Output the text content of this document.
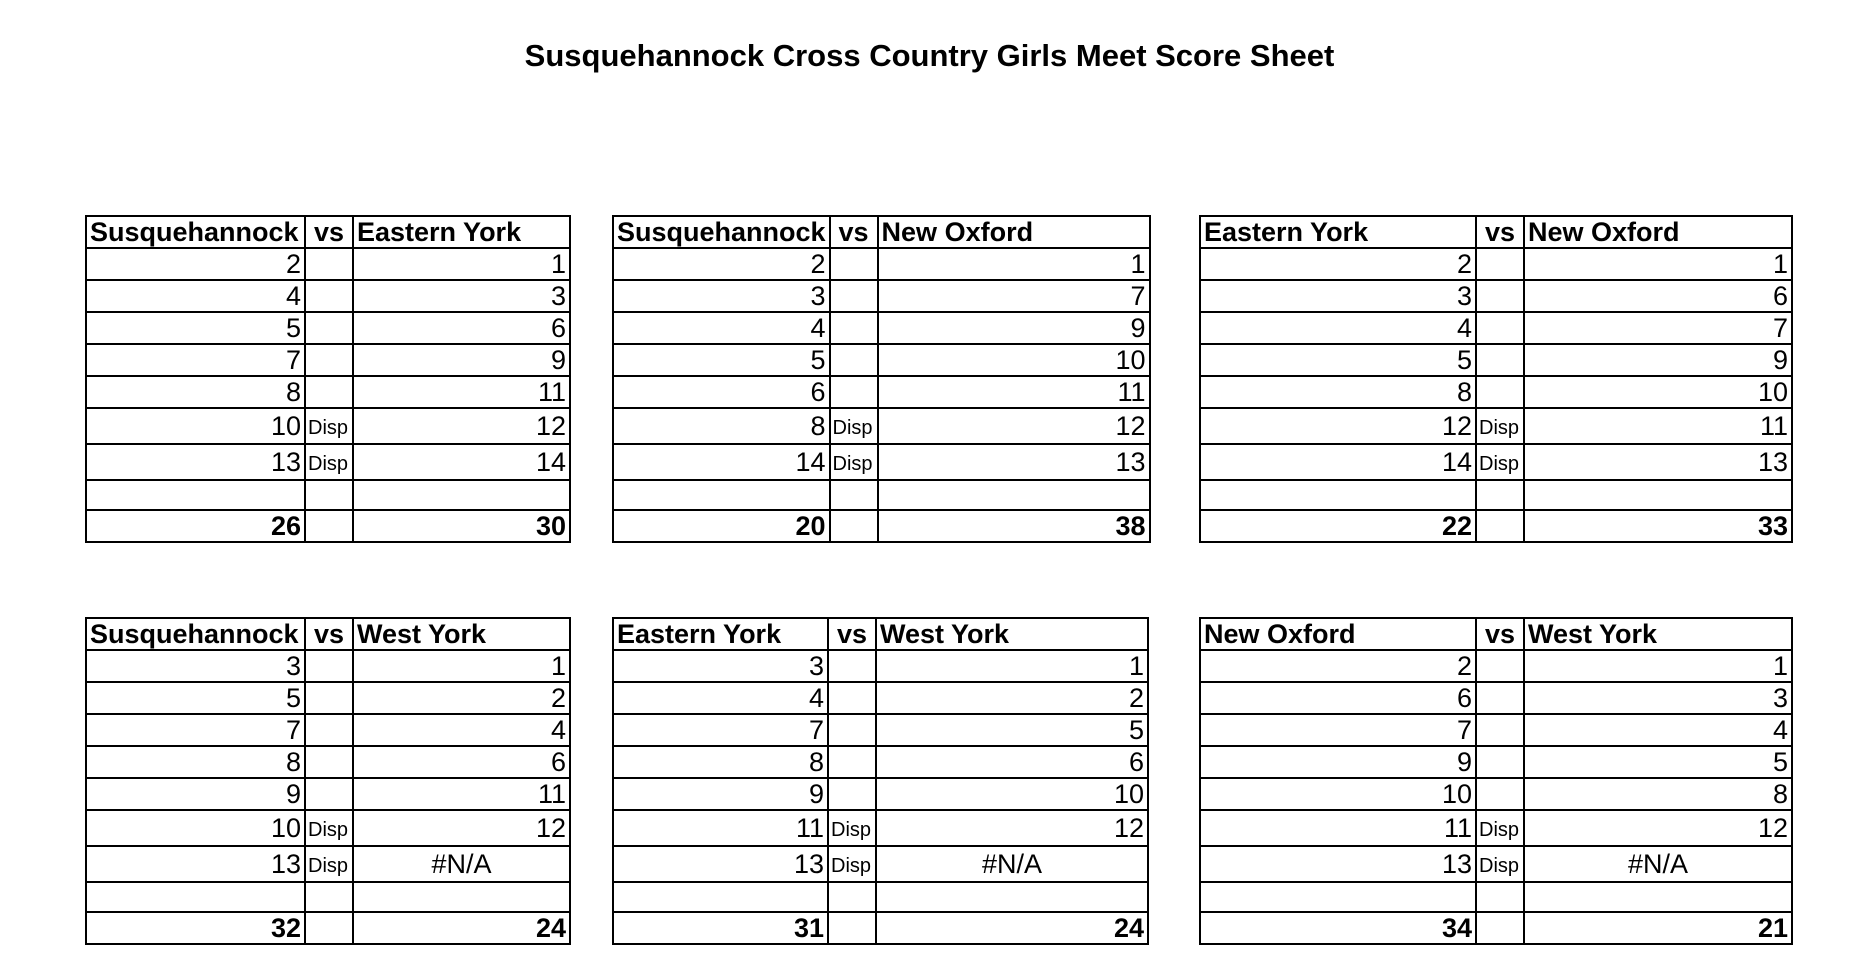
Susquehannock Cross Country Girls Meet Score Sheet
Susquehannock	vs	Eastern York
2		1
4		3
5		6
7		9
8		11
10	Disp	12
13	Disp	14

26		30
Susquehannock	vs	New Oxford
2		1
3		7
4		9
5		10
6		11
8	Disp	12
14	Disp	13

20		38
Eastern York	vs	New Oxford
2		1
3		6
4		7
5		9
8		10
12	Disp	11
14	Disp	13

22		33
Susquehannock	vs	West York
3		1
5		2
7		4
8		6
9		11
10	Disp	12
13	Disp	#N/A

32		24
Eastern York	vs	West York
3		1
4		2
7		5
8		6
9		10
11	Disp	12
13	Disp	#N/A

31		24
New Oxford	vs	West York
2		1
6		3
7		4
9		5
10		8
11	Disp	12
13	Disp	#N/A

34		21
